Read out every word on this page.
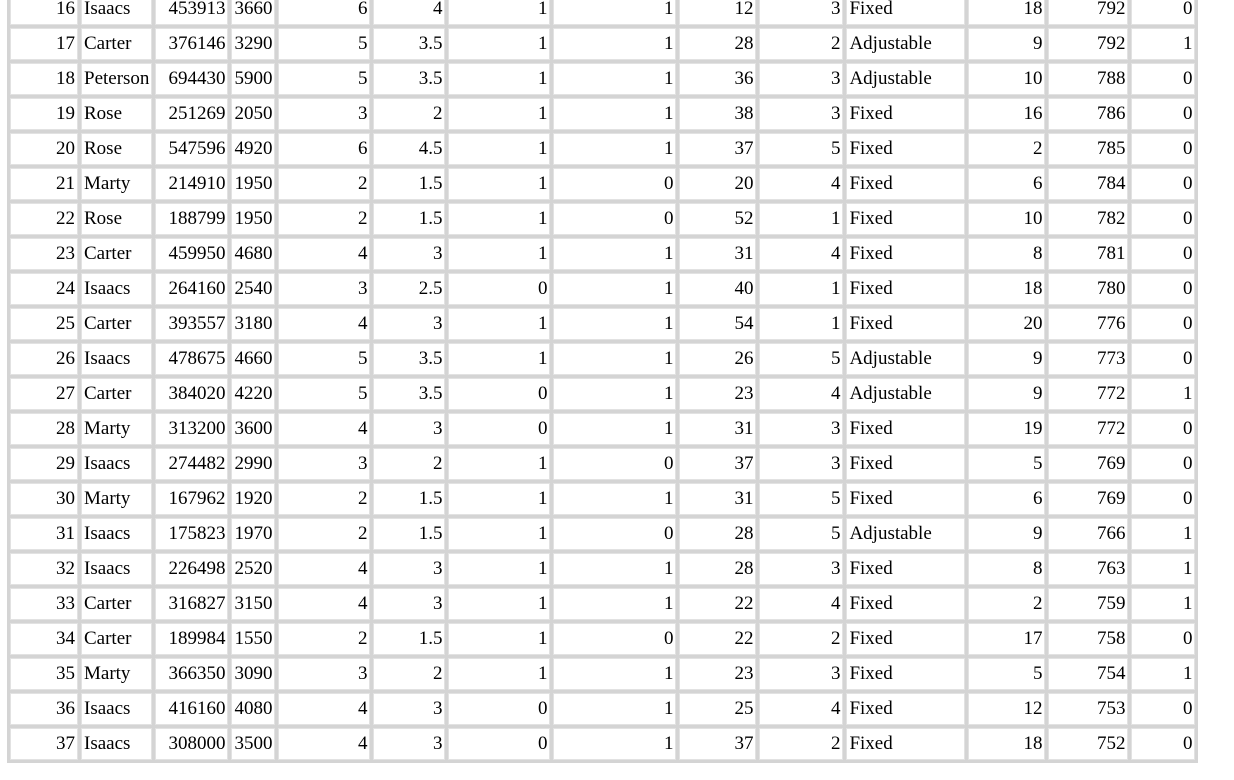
16	Isaacs	453913	3660	6	4	1	1	12	3	Fixed	18	792	0
17	Carter	376146	3290	5	3.5	1	1	28	2	Adjustable	9	792	1
18	Peterson	694430	5900	5	3.5	1	1	36	3	Adjustable	10	788	0
19	Rose	251269	2050	3	2	1	1	38	3	Fixed	16	786	0
20	Rose	547596	4920	6	4.5	1	1	37	5	Fixed	2	785	0
21	Marty	214910	1950	2	1.5	1	0	20	4	Fixed	6	784	0
22	Rose	188799	1950	2	1.5	1	0	52	1	Fixed	10	782	0
23	Carter	459950	4680	4	3	1	1	31	4	Fixed	8	781	0
24	Isaacs	264160	2540	3	2.5	0	1	40	1	Fixed	18	780	0
25	Carter	393557	3180	4	3	1	1	54	1	Fixed	20	776	0
26	Isaacs	478675	4660	5	3.5	1	1	26	5	Adjustable	9	773	0
27	Carter	384020	4220	5	3.5	0	1	23	4	Adjustable	9	772	1
28	Marty	313200	3600	4	3	0	1	31	3	Fixed	19	772	0
29	Isaacs	274482	2990	3	2	1	0	37	3	Fixed	5	769	0
30	Marty	167962	1920	2	1.5	1	1	31	5	Fixed	6	769	0
31	Isaacs	175823	1970	2	1.5	1	0	28	5	Adjustable	9	766	1
32	Isaacs	226498	2520	4	3	1	1	28	3	Fixed	8	763	1
33	Carter	316827	3150	4	3	1	1	22	4	Fixed	2	759	1
34	Carter	189984	1550	2	1.5	1	0	22	2	Fixed	17	758	0
35	Marty	366350	3090	3	2	1	1	23	3	Fixed	5	754	1
36	Isaacs	416160	4080	4	3	0	1	25	4	Fixed	12	753	0
37	Isaacs	308000	3500	4	3	0	1	37	2	Fixed	18	752	0
